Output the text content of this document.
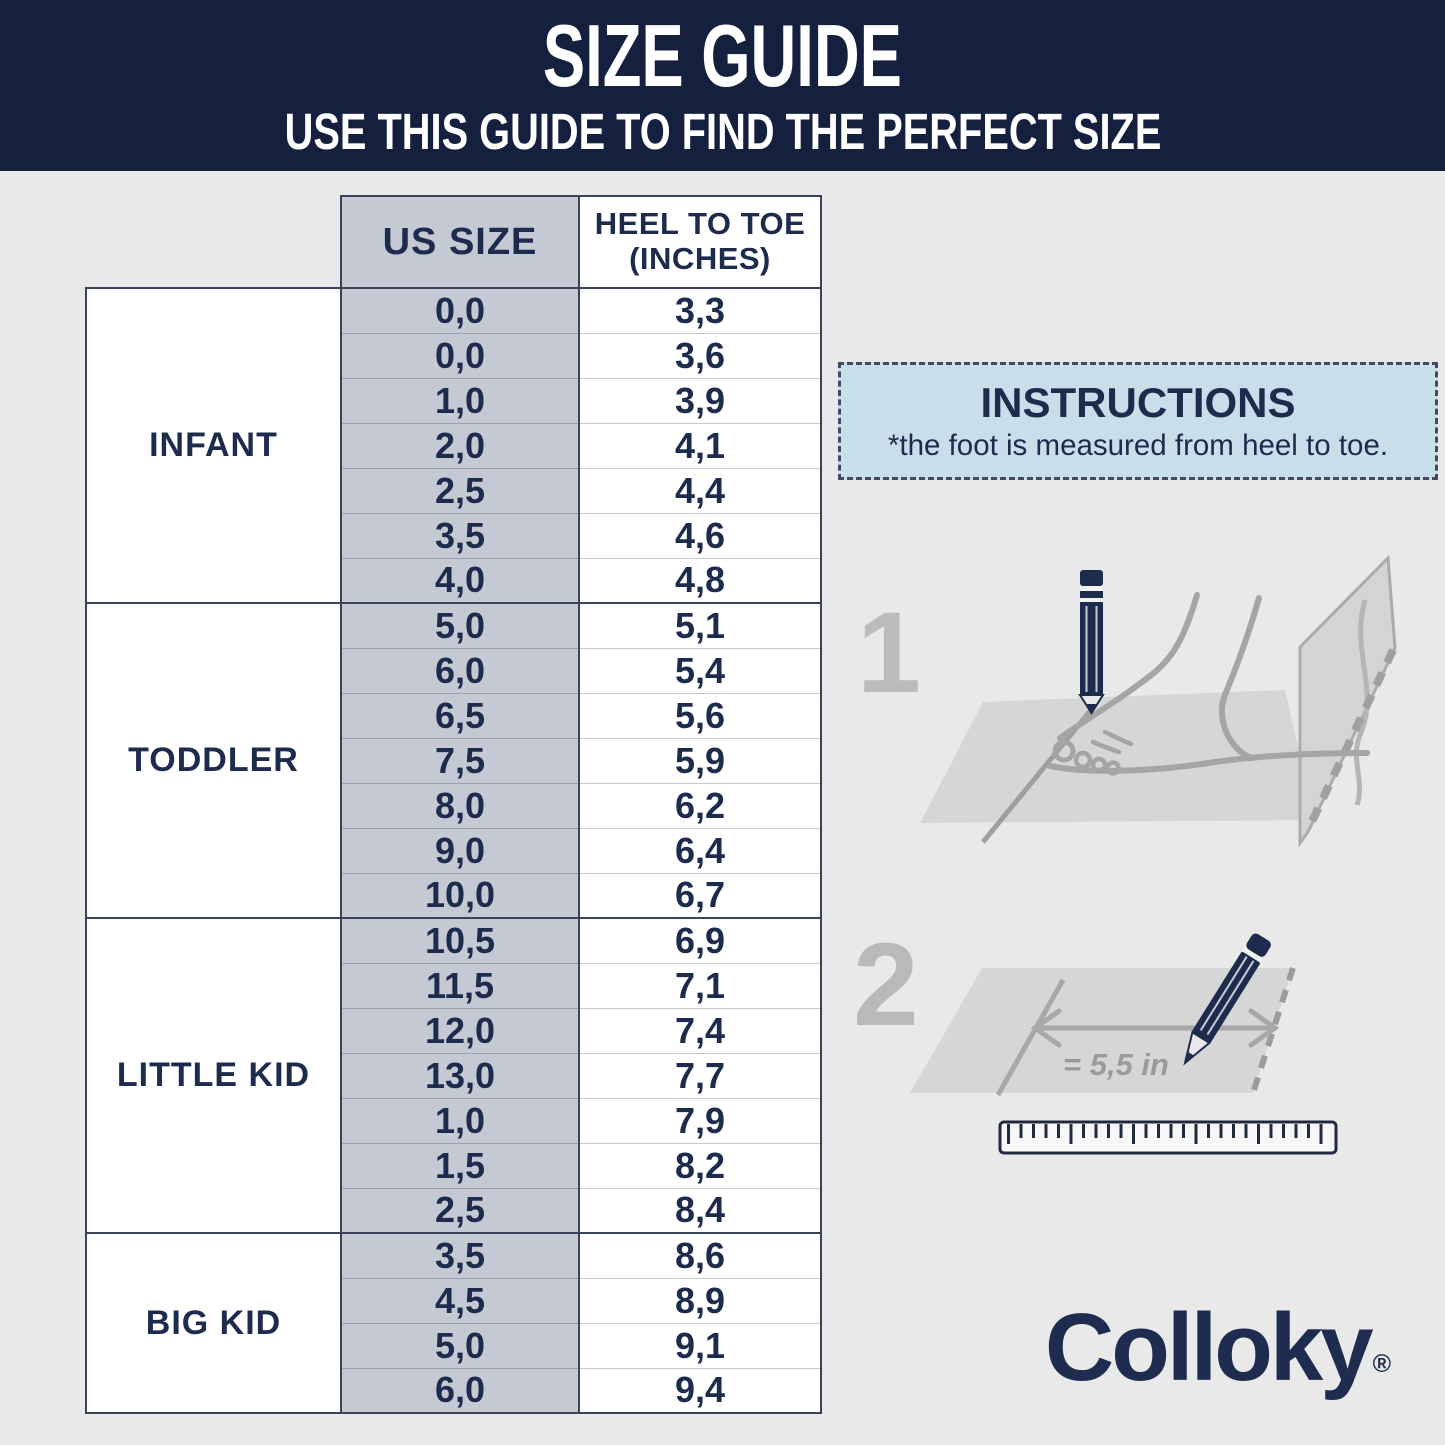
SIZE GUIDE
USE THIS GUIDE TO FIND THE PERFECT SIZE
	US SIZE	HEEL TO TOE
(INCHES)
INFANT	0,0	3,3
	0,0	3,6
	1,0	3,9
	2,0	4,1
	2,5	4,4
	3,5	4,6
	4,0	4,8
TODDLER	5,0	5,1
	6,0	5,4
	6,5	5,6
	7,5	5,9
	8,0	6,2
	9,0	6,4
	10,0	6,7
LITTLE KID	10,5	6,9
	11,5	7,1
	12,0	7,4
	13,0	7,7
	1,0	7,9
	1,5	8,2
	2,5	8,4
BIG KID	3,5	8,6
	4,5	8,9
	5,0	9,1
	6,0	9,4
INSTRUCTIONS
*the foot is measured from heel to toe.
1
2
= 5,5 in
Colloky®
